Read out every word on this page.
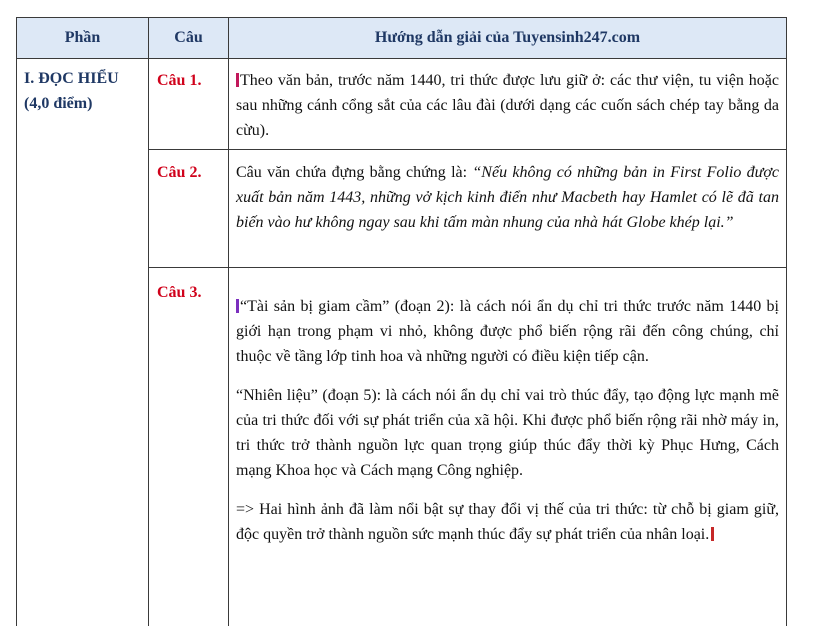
Phần	Câu	Hướng dẫn giải của Tuyensinh247.com
I. ĐỌC HIỂU
(4,0 điểm)
Câu 1. Theo văn bản, trước năm 1440, tri thức được lưu giữ ở: các thư viện, tu viện hoặc sau những cánh cổng sắt của các lâu đài (dưới dạng các cuốn sách chép tay bằng da cừu).

Câu 2. Câu văn chứa đựng bằng chứng là: “Nếu không có những bản in First Folio được xuất bản năm 1443, những vở kịch kinh điển như Macbeth hay Hamlet có lẽ đã tan biến vào hư không ngay sau khi tấm màn nhung của nhà hát Globe khép lại.”

Câu 3.

“Tài sản bị giam cầm” (đoạn 2): là cách nói ẩn dụ chỉ tri thức trước năm 1440 bị giới hạn trong phạm vi nhỏ, không được phổ biến rộng rãi đến công chúng, chỉ thuộc về tầng lớp tinh hoa và những người có điều kiện tiếp cận.

“Nhiên liệu” (đoạn 5): là cách nói ẩn dụ chỉ vai trò thúc đẩy, tạo động lực mạnh mẽ của tri thức đối với sự phát triển của xã hội. Khi được phổ biến rộng rãi nhờ máy in, tri thức trở thành nguồn lực quan trọng giúp thúc đẩy thời kỳ Phục Hưng, Cách mạng Khoa học và Cách mạng Công nghiệp.

=> Hai hình ảnh đã làm nổi bật sự thay đổi vị thế của tri thức: từ chỗ bị giam giữ, độc quyền trở thành nguồn sức mạnh thúc đẩy sự phát triển của nhân loại.
